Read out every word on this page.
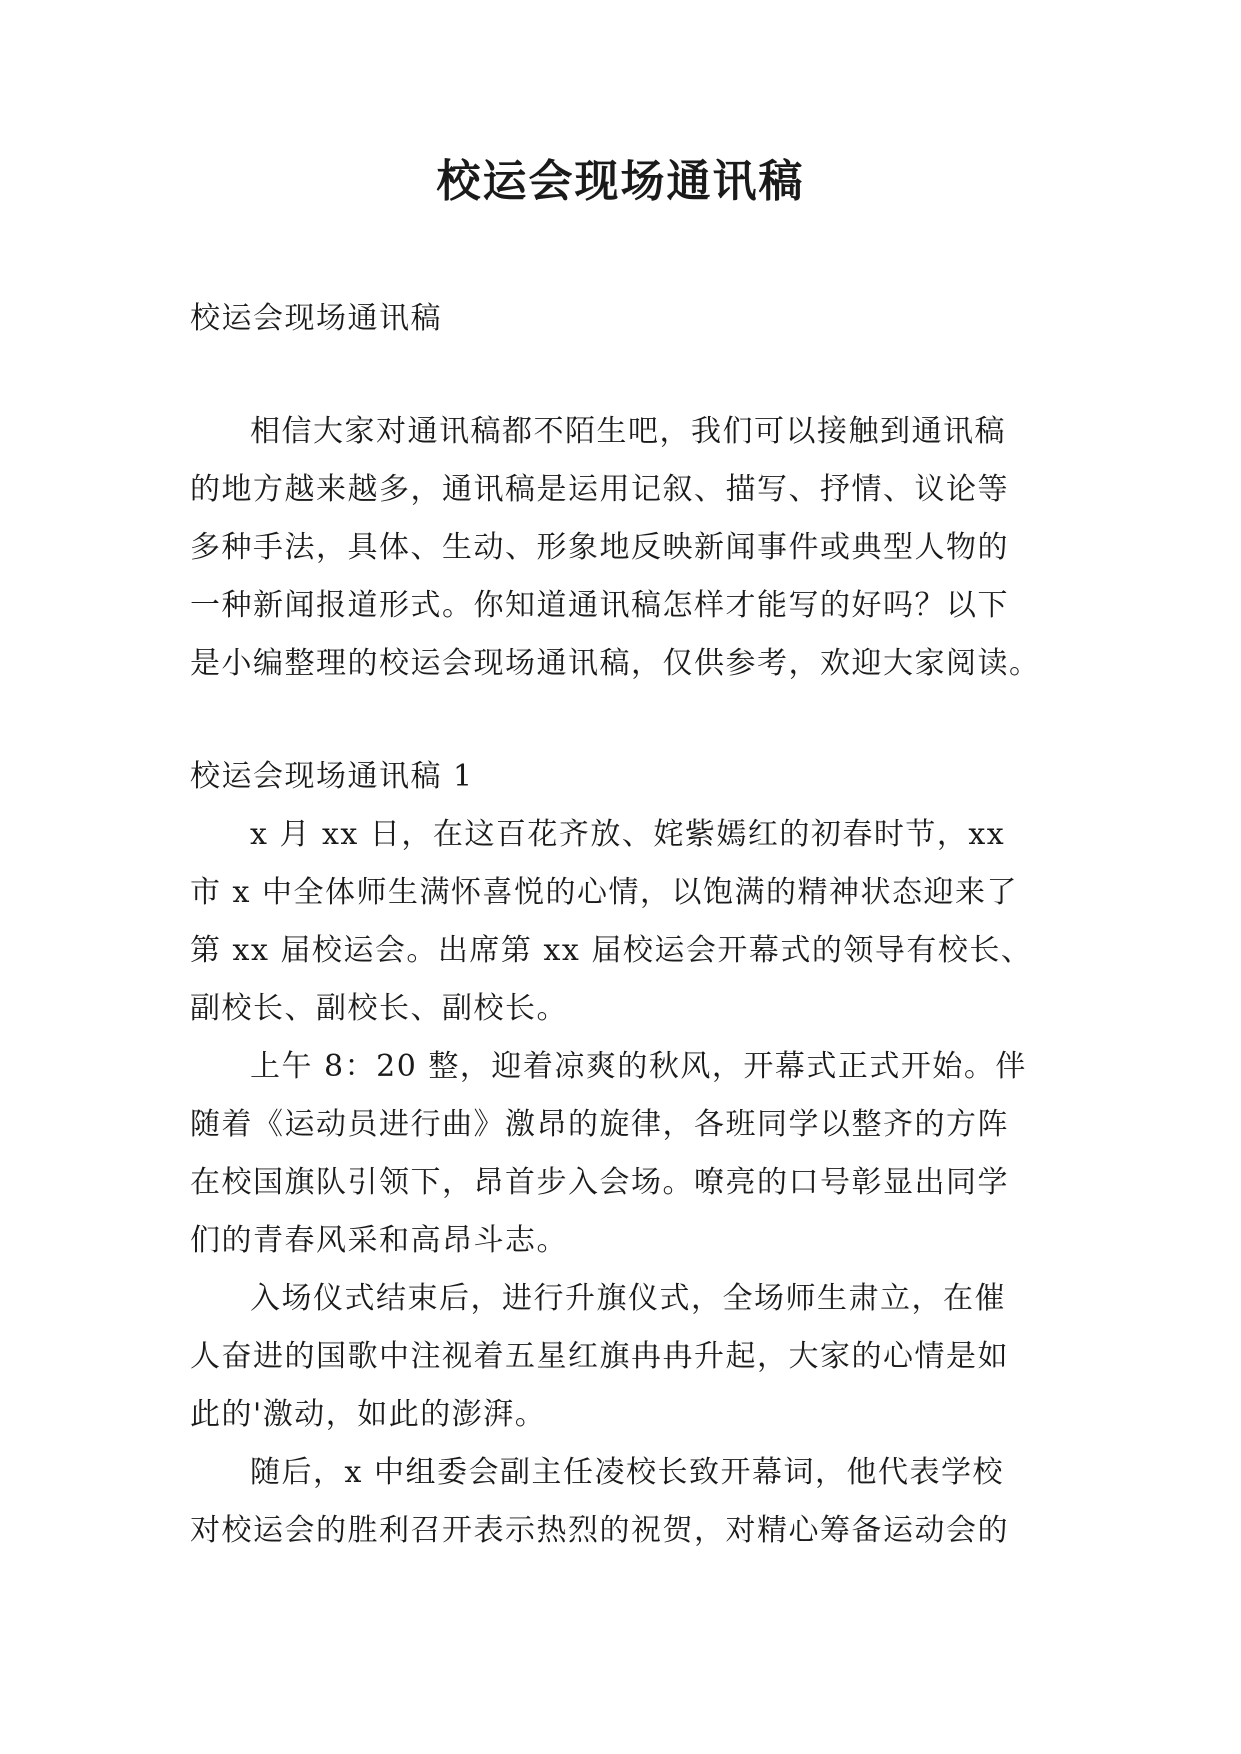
校运会现场通讯稿
校运会现场通讯稿
相信大家对通讯稿都不陌生吧，我们可以接触到通讯稿
的地方越来越多，通讯稿是运用记叙、描写、抒情、议论等
多种手法，具体、生动、形象地反映新闻事件或典型人物的
一种新闻报道形式。你知道通讯稿怎样才能写的好吗？以下
是小编整理的校运会现场通讯稿，仅供参考，欢迎大家阅读。
校运会现场通讯稿 1
x 月 xx 日，在这百花齐放、姹紫嫣红的初春时节，xx
市 x 中全体师生满怀喜悦的心情，以饱满的精神状态迎来了
第 xx 届校运会。出席第 xx 届校运会开幕式的领导有校长、
副校长、副校长、副校长。
上午 8：20 整，迎着凉爽的秋风，开幕式正式开始。伴
随着《运动员进行曲》激昂的旋律，各班同学以整齐的方阵
在校国旗队引领下，昂首步入会场。嘹亮的口号彰显出同学
们的青春风采和高昂斗志。
入场仪式结束后，进行升旗仪式，全场师生肃立，在催
人奋进的国歌中注视着五星红旗冉冉升起，大家的心情是如
此的'激动，如此的澎湃。
随后，x 中组委会副主任凌校长致开幕词，他代表学校
对校运会的胜利召开表示热烈的祝贺，对精心筹备运动会的
